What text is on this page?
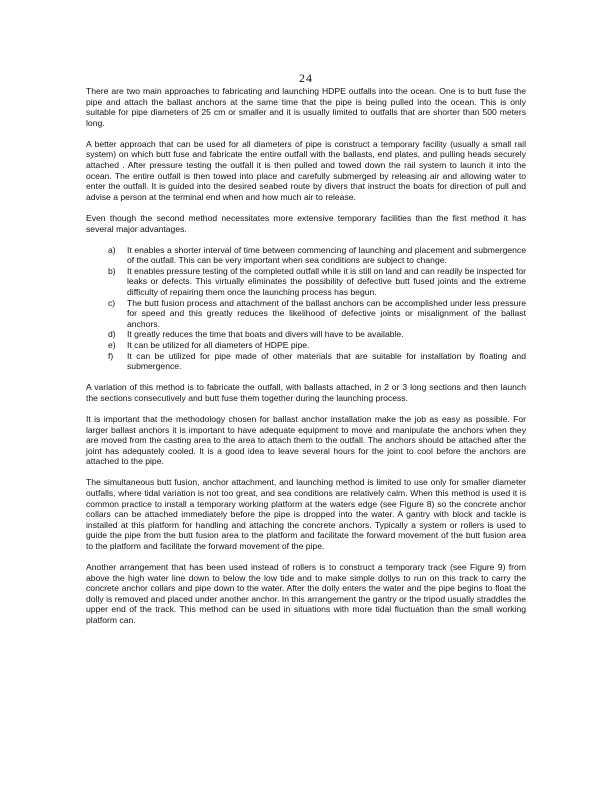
24

There are two main approaches to fabricating and launching HDPE outfalls into the ocean. One is to butt fuse the pipe and attach the ballast anchors at the same time that the pipe is being pulled into the ocean. This is only suitable for pipe diameters of 25 cm or smaller and it is usually limited to outfalls that are shorter than 500 meters long.

A better approach that can be used for all diameters of pipe is construct a temporary facility (usually a small rail system) on which butt fuse and fabricate the entire outfall with the ballasts, end plates, and pulling heads securely attached . After pressure testing the outfall it is then pulled and towed down the rail system to launch it into the ocean. The entire outfall is then towed into place and carefully submerged by releasing air and allowing water to enter the outfall. It is guided into the desired seabed route by divers that instruct the boats for direction of pull and advise a person at the terminal end when and how much air to release.

Even though the second method necessitates more extensive temporary facilities than the first method it has several major advantages.

a)	It enables a shorter interval of time between commencing of launching and placement and submergence of the outfall. This can be very important when sea conditions are subject to change.
b)	It enables pressure testing of the completed outfall while it is still on land and can readily be inspected for leaks or defects. This virtually eliminates the possibility of defective butt fused joints and the extreme difficulty of repairing them once the launching process has begun.
c)	The butt fusion process and attachment of the ballast anchors can be accomplished under less pressure for speed and this greatly reduces the likelihood of defective joints or misalignment of the ballast anchors.
d)	It greatly reduces the time that boats and divers will have to be available.
e)	It can be utilized for all diameters of HDPE pipe.
f)	It can be utilized for pipe made of other materials that are suitable for installation by floating and submergence.

A variation of this method is to fabricate the outfall, with ballasts attached, in 2 or 3 long sections and then launch the sections consecutively and butt fuse them together during the launching process.

It is important that the methodology chosen for ballast anchor installation make the job as easy as possible. For larger ballast anchors it is important to have adequate equipment to move and manipulate the anchors when they are moved from the casting area to the area to attach them to the outfall. The anchors should be attached after the joint has adequately cooled. It is a good idea to leave several hours for the joint to cool before the anchors are attached to the pipe.

The simultaneous butt fusion, anchor attachment, and launching method is limited to use only for smaller diameter outfalls, where tidal variation is not too great, and sea conditions are relatively calm. When this method is used it is common practice to install a temporary working platform at the waters edge (see Figure 8) so the concrete anchor collars can be attached immediately before the pipe is dropped into the water. A gantry with block and tackle is installed at this platform for handling and attaching the concrete anchors. Typically a system or rollers is used to guide the pipe from the butt fusion area to the platform and facilitate the forward movement of the butt fusion area to the platform and facilitate the forward movement of the pipe.

Another arrangement that has been used instead of rollers is to construct a temporary track (see Figure 9) from above the high water line down to below the low tide and to make simple dollys to run on this track to carry the concrete anchor collars and pipe down to the water. After the dolly enters the water and the pipe begins to float the dolly is removed and placed under another anchor. In this arrangement the gantry or the tripod usually straddles the upper end of the track. This method can be used in situations with more tidal fluctuation than the small working platform can.
